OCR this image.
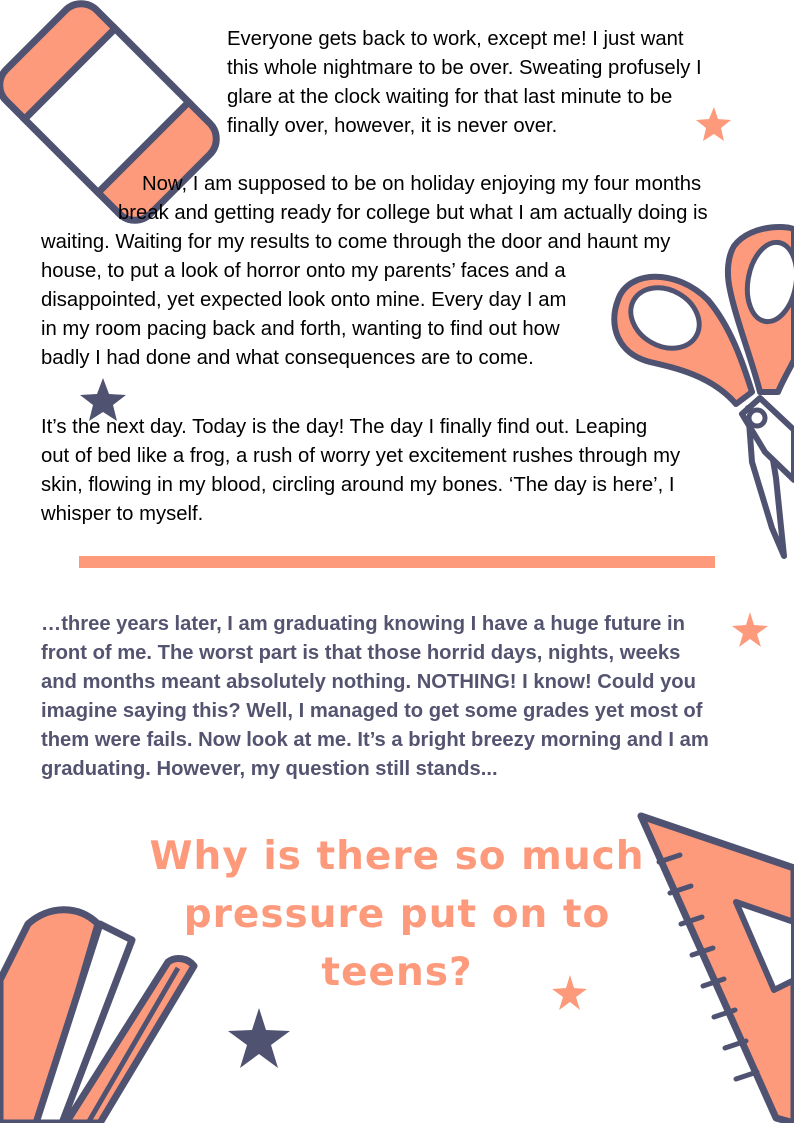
Everyone gets back to work, except me! I just want
this whole nightmare to be over. Sweating profusely I
glare at the clock waiting for that last minute to be
finally over, however, it is never over.

Now, I am supposed to be on holiday enjoying my four months
break and getting ready for college but what I am actually doing is
waiting. Waiting for my results to come through the door and haunt my
house, to put a look of horror onto my parents’ faces and a
disappointed, yet expected look onto mine. Every day I am
in my room pacing back and forth, wanting to find out how
badly I had done and what consequences are to come.

It’s the next day. Today is the day! The day I finally find out. Leaping
out of bed like a frog, a rush of worry yet excitement rushes through my
skin, flowing in my blood, circling around my bones. ‘The day is here’, I
whisper to myself.

…three years later, I am graduating knowing I have a huge future in
front of me. The worst part is that those horrid days, nights, weeks
and months meant absolutely nothing. NOTHING! I know! Could you
imagine saying this? Well, I managed to get some grades yet most of
them were fails. Now look at me. It’s a bright breezy morning and I am
graduating. However, my question still stands...

Why is there so much
pressure put on to
teens?
